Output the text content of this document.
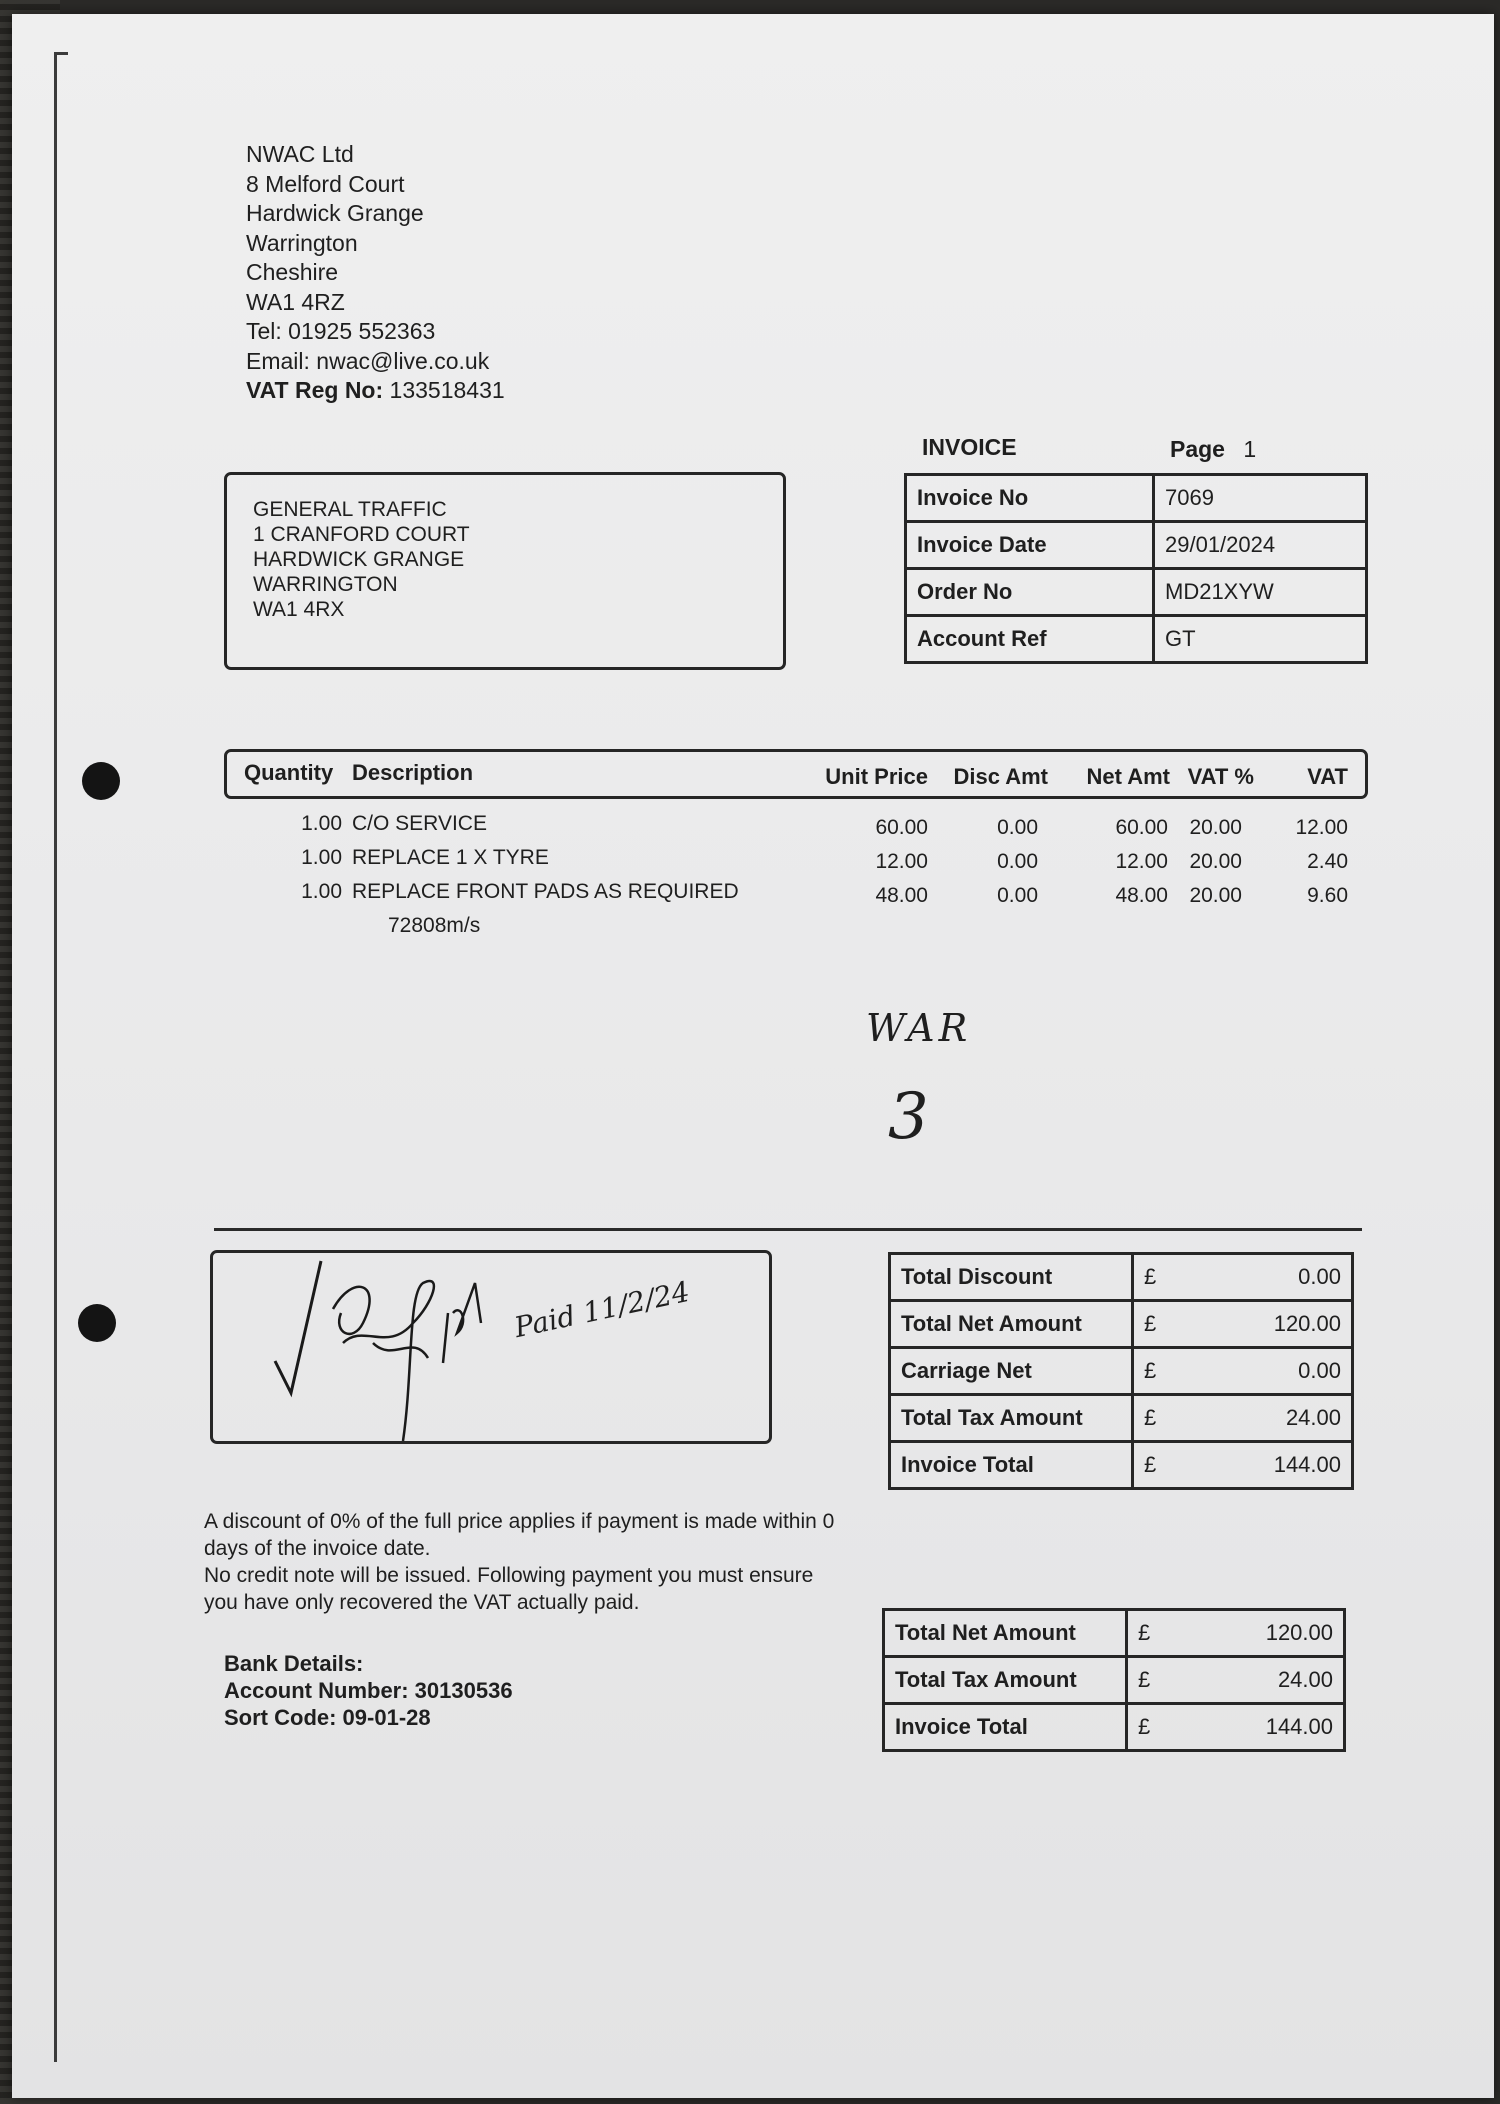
NWAC Ltd
8 Melford Court
Hardwick Grange
Warrington
Cheshire
WA1 4RZ
Tel: 01925 552363
Email: nwac@live.co.uk
VAT Reg No: 133518431
GENERAL TRAFFIC
1 CRANFORD COURT
HARDWICK GRANGE
WARRINGTON
WA1 4RX
INVOICE	Page 1
Invoice No	7069
Invoice Date	29/01/2024
Order No	MD21XYW
Account Ref	GT
Quantity Description	Unit Price	Disc Amt	Net Amt VAT %	VAT
1.00 C/O SERVICE	60.00	0.00	60.00	20.00	12.00
1.00 REPLACE 1 X TYRE	12.00	0.00	12.00	20.00	2.40
1.00 REPLACE FRONT PADS AS REQUIRED	48.00	0.00	48.00	20.00	9.60
72808m/s
WAR
3
Paid 11/2/24	Total Discount	£	0.00
Total Net Amount	£	120.00
Carriage Net	£	0.00
Total Tax Amount	£	24.00
Invoice Total	£	144.00
A discount of 0% of the full price applies if payment is made within 0
days of the invoice date.
No credit note will be issued. Following payment you must ensure
you have only recovered the VAT actually paid.
Bank Details:
Account Number: 30130536
Sort Code: 09-01-28
Total Net Amount	£	120.00
Total Tax Amount	£	24.00
Invoice Total	£	144.00
